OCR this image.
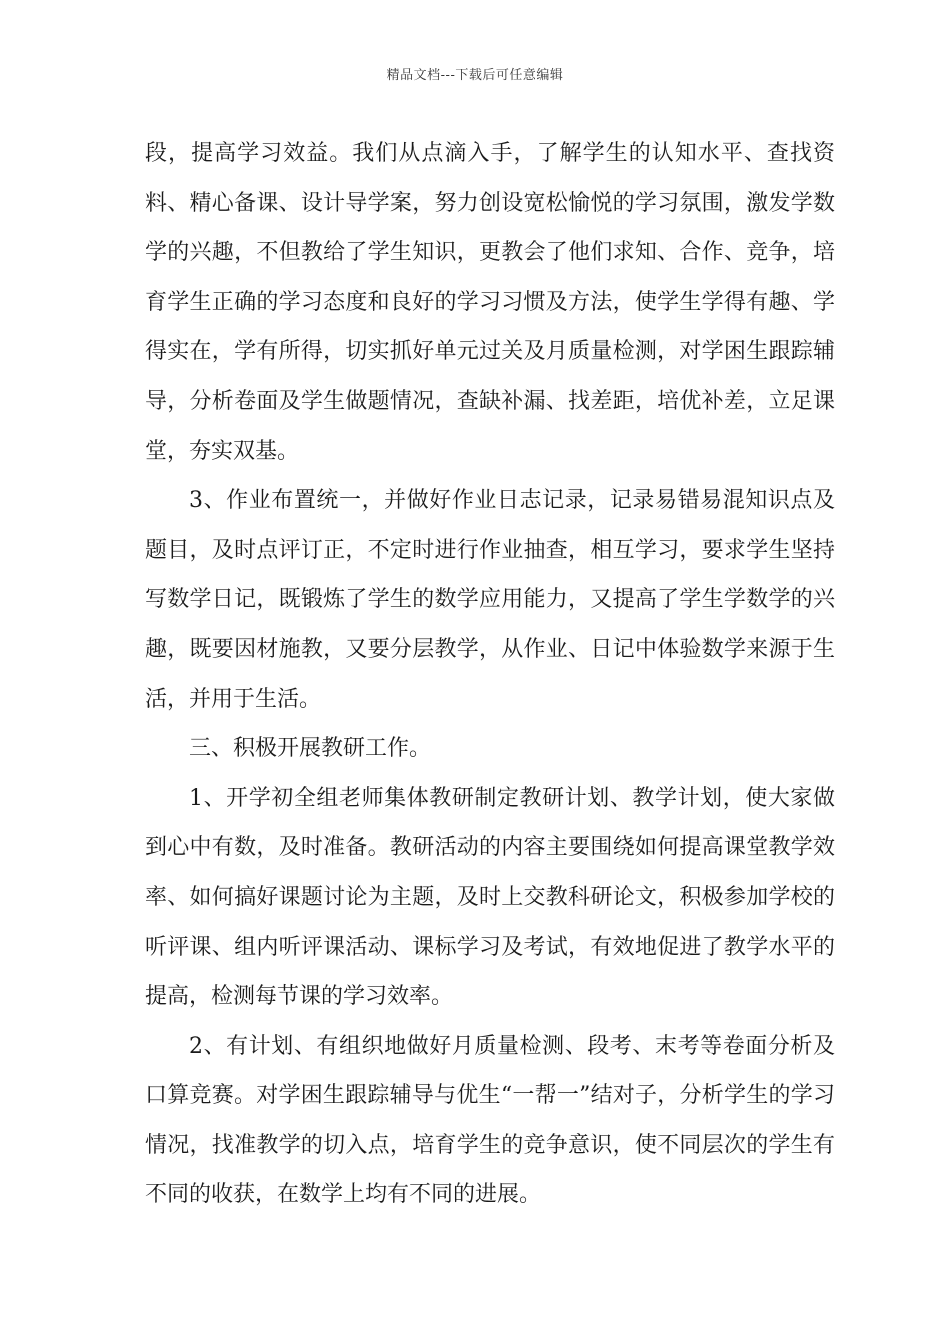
精品文档---下载后可任意编辑

段，提高学习效益。我们从点滴入手，了解学生的认知水平、查找资料、精心备课、设计导学案，努力创设宽松愉悦的学习氛围，激发学数学的兴趣，不但教给了学生知识，更教会了他们求知、合作、竞争，培育学生正确的学习态度和良好的学习习惯及方法，使学生学得有趣、学得实在，学有所得，切实抓好单元过关及月质量检测，对学困生跟踪辅导，分析卷面及学生做题情况，查缺补漏、找差距，培优补差，立足课堂，夯实双基。

3、作业布置统一，并做好作业日志记录，记录易错易混知识点及题目，及时点评订正，不定时进行作业抽查，相互学习，要求学生坚持写数学日记，既锻炼了学生的数学应用能力，又提高了学生学数学的兴趣，既要因材施教，又要分层教学，从作业、日记中体验数学来源于生活，并用于生活。

三、积极开展教研工作。

1、开学初全组老师集体教研制定教研计划、教学计划，使大家做到心中有数，及时准备。教研活动的内容主要围绕如何提高课堂教学效率、如何搞好课题讨论为主题，及时上交教科研论文，积极参加学校的听评课、组内听评课活动、课标学习及考试，有效地促进了教学水平的提高，检测每节课的学习效率。

2、有计划、有组织地做好月质量检测、段考、末考等卷面分析及口算竞赛。对学困生跟踪辅导与优生“一帮一”结对子，分析学生的学习情况，找准教学的切入点，培育学生的竞争意识，使不同层次的学生有不同的收获，在数学上均有不同的进展。
